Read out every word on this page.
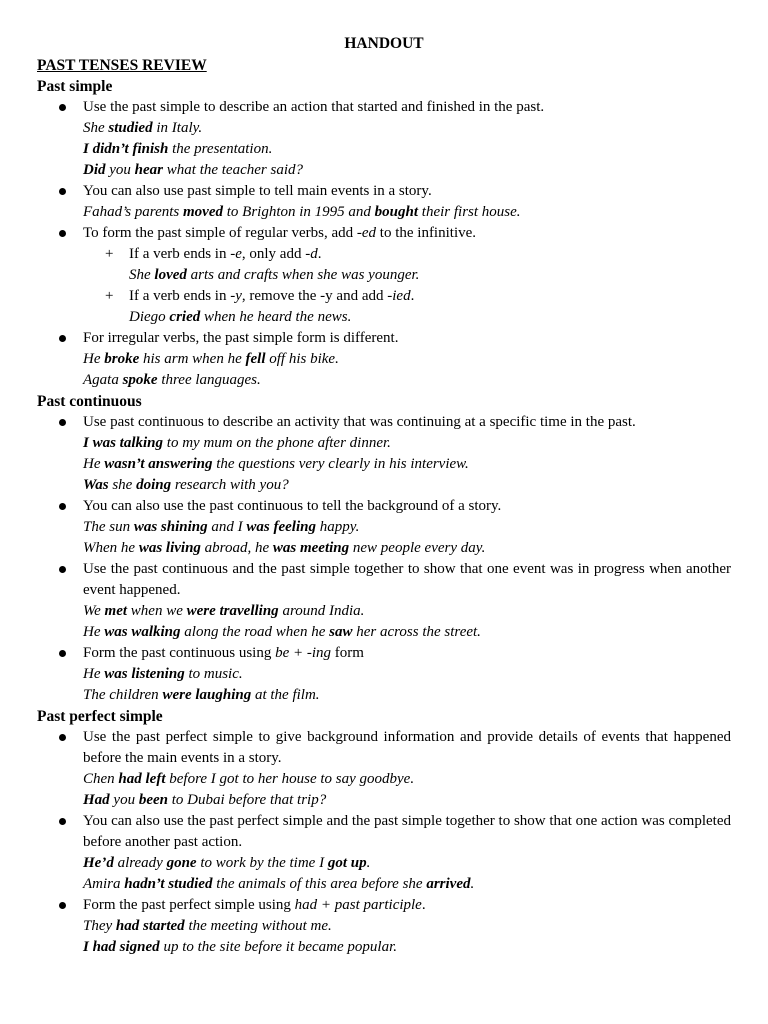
HANDOUT
PAST TENSES REVIEW
Past simple
Use the past simple to describe an action that started and finished in the past.
She studied in Italy.
I didn’t finish the presentation.
Did you hear what the teacher said?
You can also use past simple to tell main events in a story.
Fahad’s parents moved to Brighton in 1995 and bought their first house.
To form the past simple of regular verbs, add -ed to the infinitive.
+ If a verb ends in -e, only add -d.
She loved arts and crafts when she was younger.
+ If a verb ends in -y, remove the -y and add -ied.
Diego cried when he heard the news.
For irregular verbs, the past simple form is different.
He broke his arm when he fell off his bike.
Agata spoke three languages.
Past continuous
Use past continuous to describe an activity that was continuing at a specific time in the past.
I was talking to my mum on the phone after dinner.
He wasn’t answering the questions very clearly in his interview.
Was she doing research with you?
You can also use the past continuous to tell the background of a story.
The sun was shining and I was feeling happy.
When he was living abroad, he was meeting new people every day.
Use the past continuous and the past simple together to show that one event was in progress when another event happened.
We met when we were travelling around India.
He was walking along the road when he saw her across the street.
Form the past continuous using be + -ing form
He was listening to music.
The children were laughing at the film.
Past perfect simple
Use the past perfect simple to give background information and provide details of events that happened before the main events in a story.
Chen had left before I got to her house to say goodbye.
Had you been to Dubai before that trip?
You can also use the past perfect simple and the past simple together to show that one action was completed before another past action.
He’d already gone to work by the time I got up.
Amira hadn’t studied the animals of this area before she arrived.
Form the past perfect simple using had + past participle.
They had started the meeting without me.
I had signed up to the site before it became popular.
